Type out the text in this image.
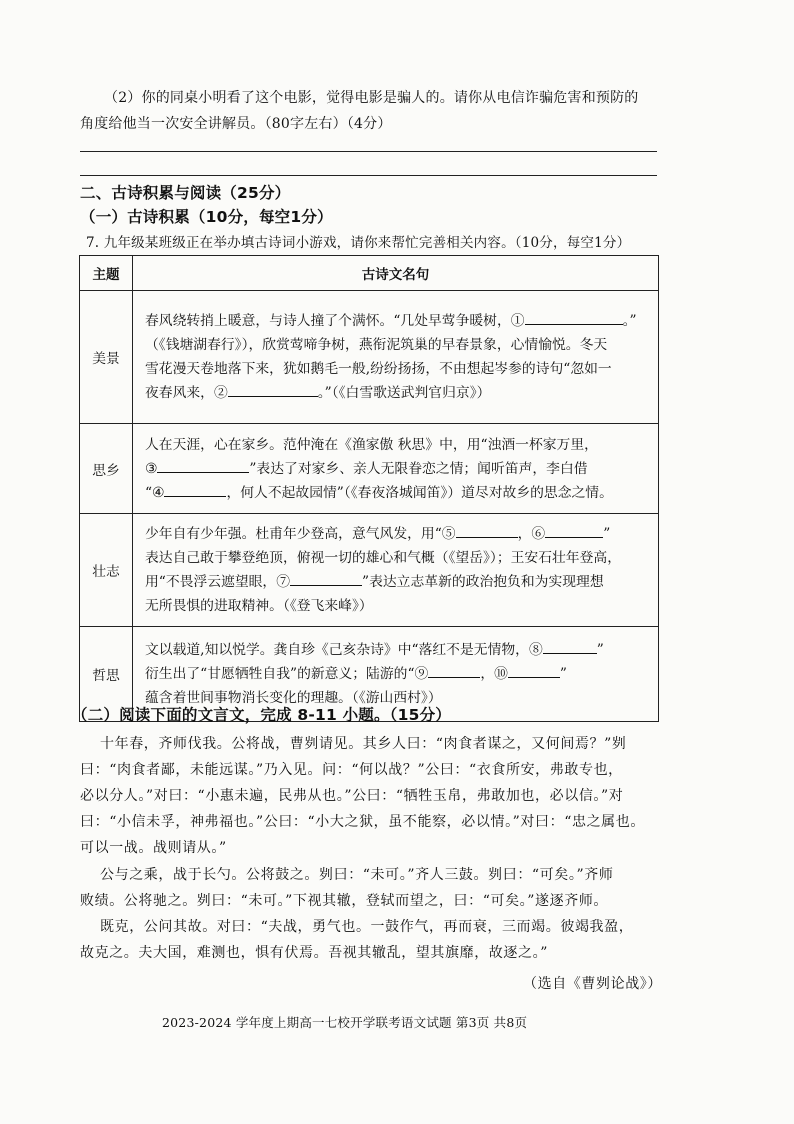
（2）你的同桌小明看了这个电影，觉得电影是骗人的。请你从电信诈骗危害和预防的
角度给他当一次安全讲解员。（80字左右）（4分）
二、古诗积累与阅读（25分）
（一）古诗积累（10分，每空1分）
7. 九年级某班级正在举办填古诗词小游戏，请你来帮忙完善相关内容。（10分，每空1分）
主题	古诗文名句
美景	春风绕转捎上暖意，与诗人撞了个满怀。“几处早莺争暖树，① 。”
（《钱塘湖春行》），欣赏莺啼争树，燕衔泥筑巢的早春景象，心情愉悦。冬天
雪花漫天卷地落下来，犹如鹅毛一般,纷纷扬扬，不由想起岑参的诗句“忽如一
夜春风来，② 。”（《白雪歌送武判官归京》）

思乡	人在天涯，心在家乡。范仲淹在《渔家傲 秋思》中，用“浊酒一杯家万里，
③ ”表达了对家乡、亲人无限眷恋之情；闻听笛声，李白借
“④ ，何人不起故园情”（《春夜洛城闻笛》）道尽对故乡的思念之情。

壮志	少年自有少年强。杜甫年少登高，意气风发，用“⑤ ，⑥ ”
表达自己敢于攀登绝顶，俯视一切的雄心和气概（《望岳》）；王安石壮年登高，
用“不畏浮云遮望眼，⑦ ”表达立志革新的政治抱负和为实现理想
无所畏惧的进取精神。（《登飞来峰》）

哲思	文以载道,知以悦学。龚自珍《己亥杂诗》中“落红不是无情物，⑧ ”
衍生出了“甘愿牺牲自我”的新意义；陆游的“⑨ ，⑩ ”
蕴含着世间事物消长变化的理趣。（《游山西村》）
（二）阅读下面的文言文，完成 8-11 小题。（15分）
十年春，齐师伐我。公将战，曹刿请见。其乡人曰：“肉食者谋之，又何间焉？”刿
曰：“肉食者鄙，未能远谋。”乃入见。问：“何以战？”公曰：“衣食所安，弗敢专也，
必以分人。”对曰：“小惠未遍，民弗从也。”公曰：“牺牲玉帛，弗敢加也，必以信。”对
曰：“小信未孚，神弗福也。”公曰：“小大之狱，虽不能察，必以情。”对曰：“忠之属也。
可以一战。战则请从。”
公与之乘，战于长勺。公将鼓之。刿曰：“未可。”齐人三鼓。刿曰：“可矣。”齐师
败绩。公将驰之。刿曰：“未可。”下视其辙，登轼而望之，曰：“可矣。”遂逐齐师。
既克，公问其故。对曰：“夫战，勇气也。一鼓作气，再而衰，三而竭。彼竭我盈，
故克之。夫大国，难测也，惧有伏焉。吾视其辙乱，望其旗靡，故逐之。”
（选自《曹刿论战》）
2023-2024 学年度上期高一七校开学联考语文试题 第3页 共8页
